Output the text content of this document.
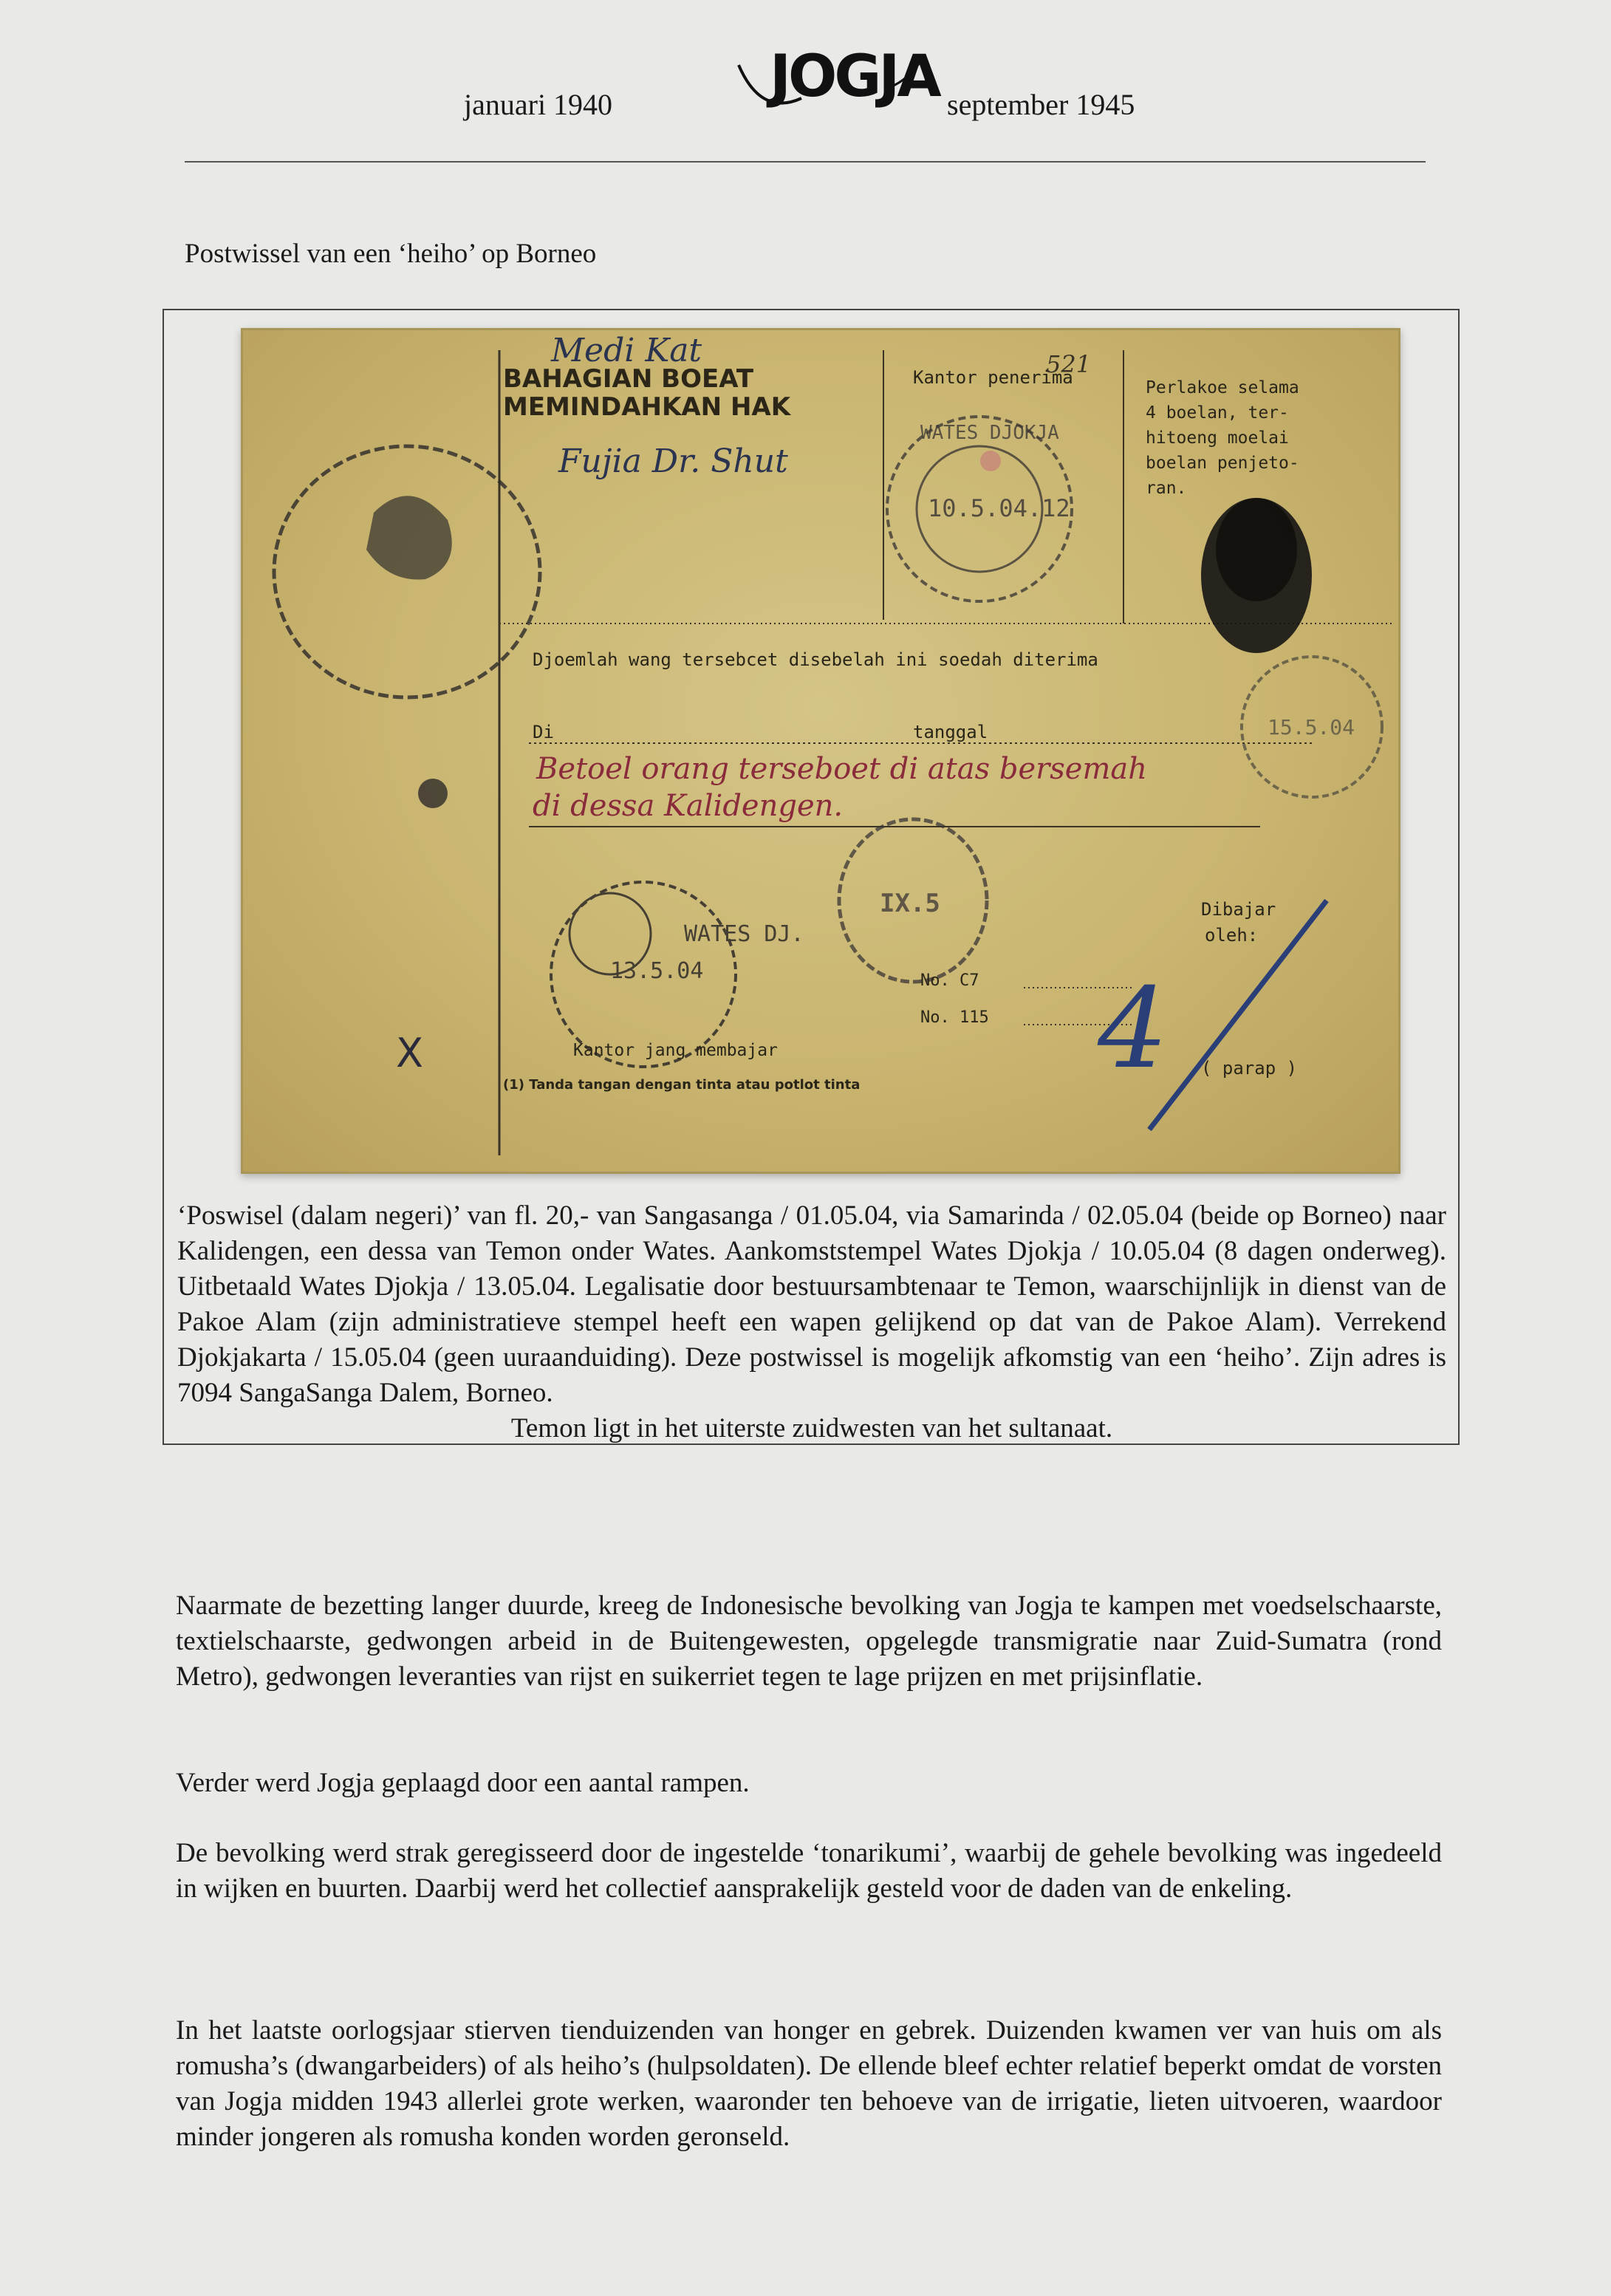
januari 1940	JOGJA september 1945
Postwissel van een ‘heiho’ op Borneo
BAHAGIAN BOEAT
MEMINDAHKAN HAK
521
Kantor penerima	Perlakoe selama
4 boelan, ter-
hitoeng moelai
boelan penjeto-
ran.
WATES DJOKJA
10.5.04.12
15.5.04
Djoemlah wang tersebcet disebelah ini soedah diterima
Di	tanggal
Betoel orang terseboet di atas bersemah
di dessa Kalidengen.
Medi Kat
Fujia Dr. Shut
IX.5
WATES DJ.
13.5.04
Dibajar
oleh:
No. C7
No. 115
Kantor jang membajar
(1) Tanda tangan dengan tinta atau potlot tinta
( parap )
X	4

‘Poswisel (dalam negeri)’ van fl. 20,- van Sangasanga / 01.05.04, via Samarinda / 02.05.04 (beide op Borneo) naar Kalidengen, een dessa van Temon onder Wates. Aankomststempel Wates Djokja / 10.05.04 (8 dagen onderweg). Uitbetaald Wates Djokja / 13.05.04. Legalisatie door bestuursambtenaar te Temon, waarschijnlijk in dienst van de Pakoe Alam (zijn administratieve stempel heeft een wapen gelijkend op dat van de Pakoe Alam). Verrekend Djokjakarta / 15.05.04 (geen uuraanduiding). Deze postwissel is mogelijk afkomstig van een ‘heiho’. Zijn adres is 7094 SangaSanga Dalem, Borneo.

Temon ligt in het uiterste zuidwesten van het sultanaat.

Naarmate de bezetting langer duurde, kreeg de Indonesische bevolking van Jogja te kampen met voedselschaarste, textielschaarste, gedwongen arbeid in de Buitengewesten, opgelegde transmigratie naar Zuid-Sumatra (rond Metro), gedwongen leveranties van rijst en suikerriet tegen te lage prijzen en met prijsinflatie.

Verder werd Jogja geplaagd door een aantal rampen.

De bevolking werd strak geregisseerd door de ingestelde ‘tonarikumi’, waarbij de gehele bevolking was ingedeeld in wijken en buurten. Daarbij werd het collectief aansprakelijk gesteld voor de daden van de enkeling.

In het laatste oorlogsjaar stierven tienduizenden van honger en gebrek. Duizenden kwamen ver van huis om als romusha’s (dwangarbeiders) of als heiho’s (hulpsoldaten). De ellende bleef echter relatief beperkt omdat de vorsten van Jogja midden 1943 allerlei grote werken, waaronder ten behoeve van de irrigatie, lieten uitvoeren, waardoor minder jongeren als romusha konden worden geronseld.
